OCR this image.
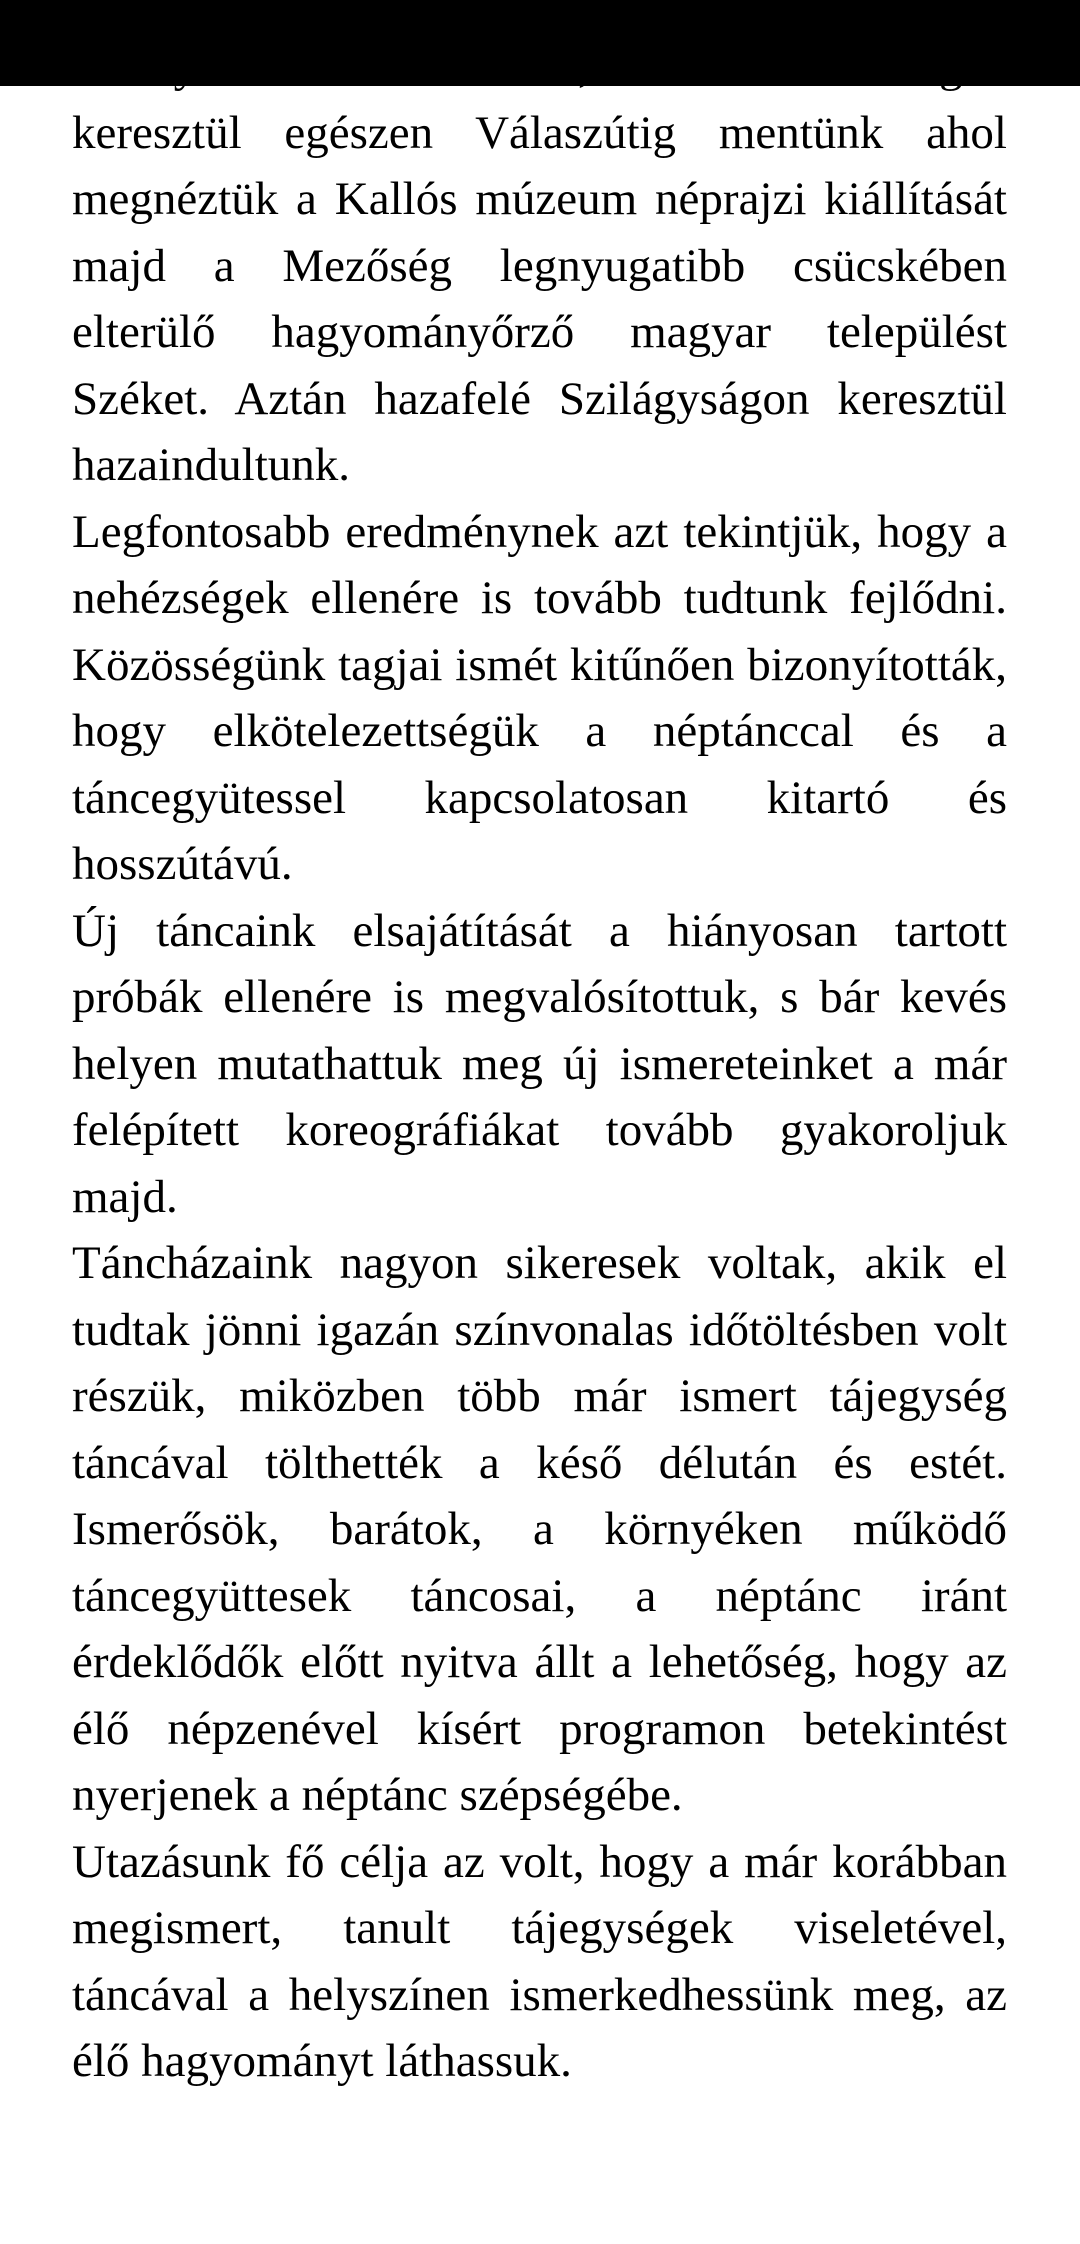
keresztül egészen Válaszútig mentünk ahol megnéztük a Kallós múzeum néprajzi kiállítását majd a Mezőség legnyugatibb csücskében elterülő hagyományőrző magyar települést Széket. Aztán hazafelé Szilágyságon keresztül hazaindultunk.

Legfontosabb eredménynek azt tekintjük, hogy a nehézségek ellenére is tovább tudtunk fejlődni. Közösségünk tagjai ismét kitűnően bizonyították, hogy elkötelezettségük a néptánccal és a táncegyütessel kapcsolatosan kitartó és hosszútávú.

Új táncaink elsajátítását a hiányosan tartott próbák ellenére is megvalósítottuk, s bár kevés helyen mutathattuk meg új ismereteinket a már felépített koreográfiákat tovább gyakoroljuk majd.

Táncházaink nagyon sikeresek voltak, akik el tudtak jönni igazán színvonalas időtöltésben volt részük, miközben több már ismert tájegység táncával tölthették a késő délután és estét. Ismerősök, barátok, a környéken működő táncegyüttesek táncosai, a néptánc iránt érdeklődők előtt nyitva állt a lehetőség, hogy az élő népzenével kísért programon betekintést nyerjenek a néptánc szépségébe.

Utazásunk fő célja az volt, hogy a már korábban megismert, tanult tájegységek viseletével, táncával a helyszínen ismerkedhessünk meg, az élő hagyományt láthassuk.
